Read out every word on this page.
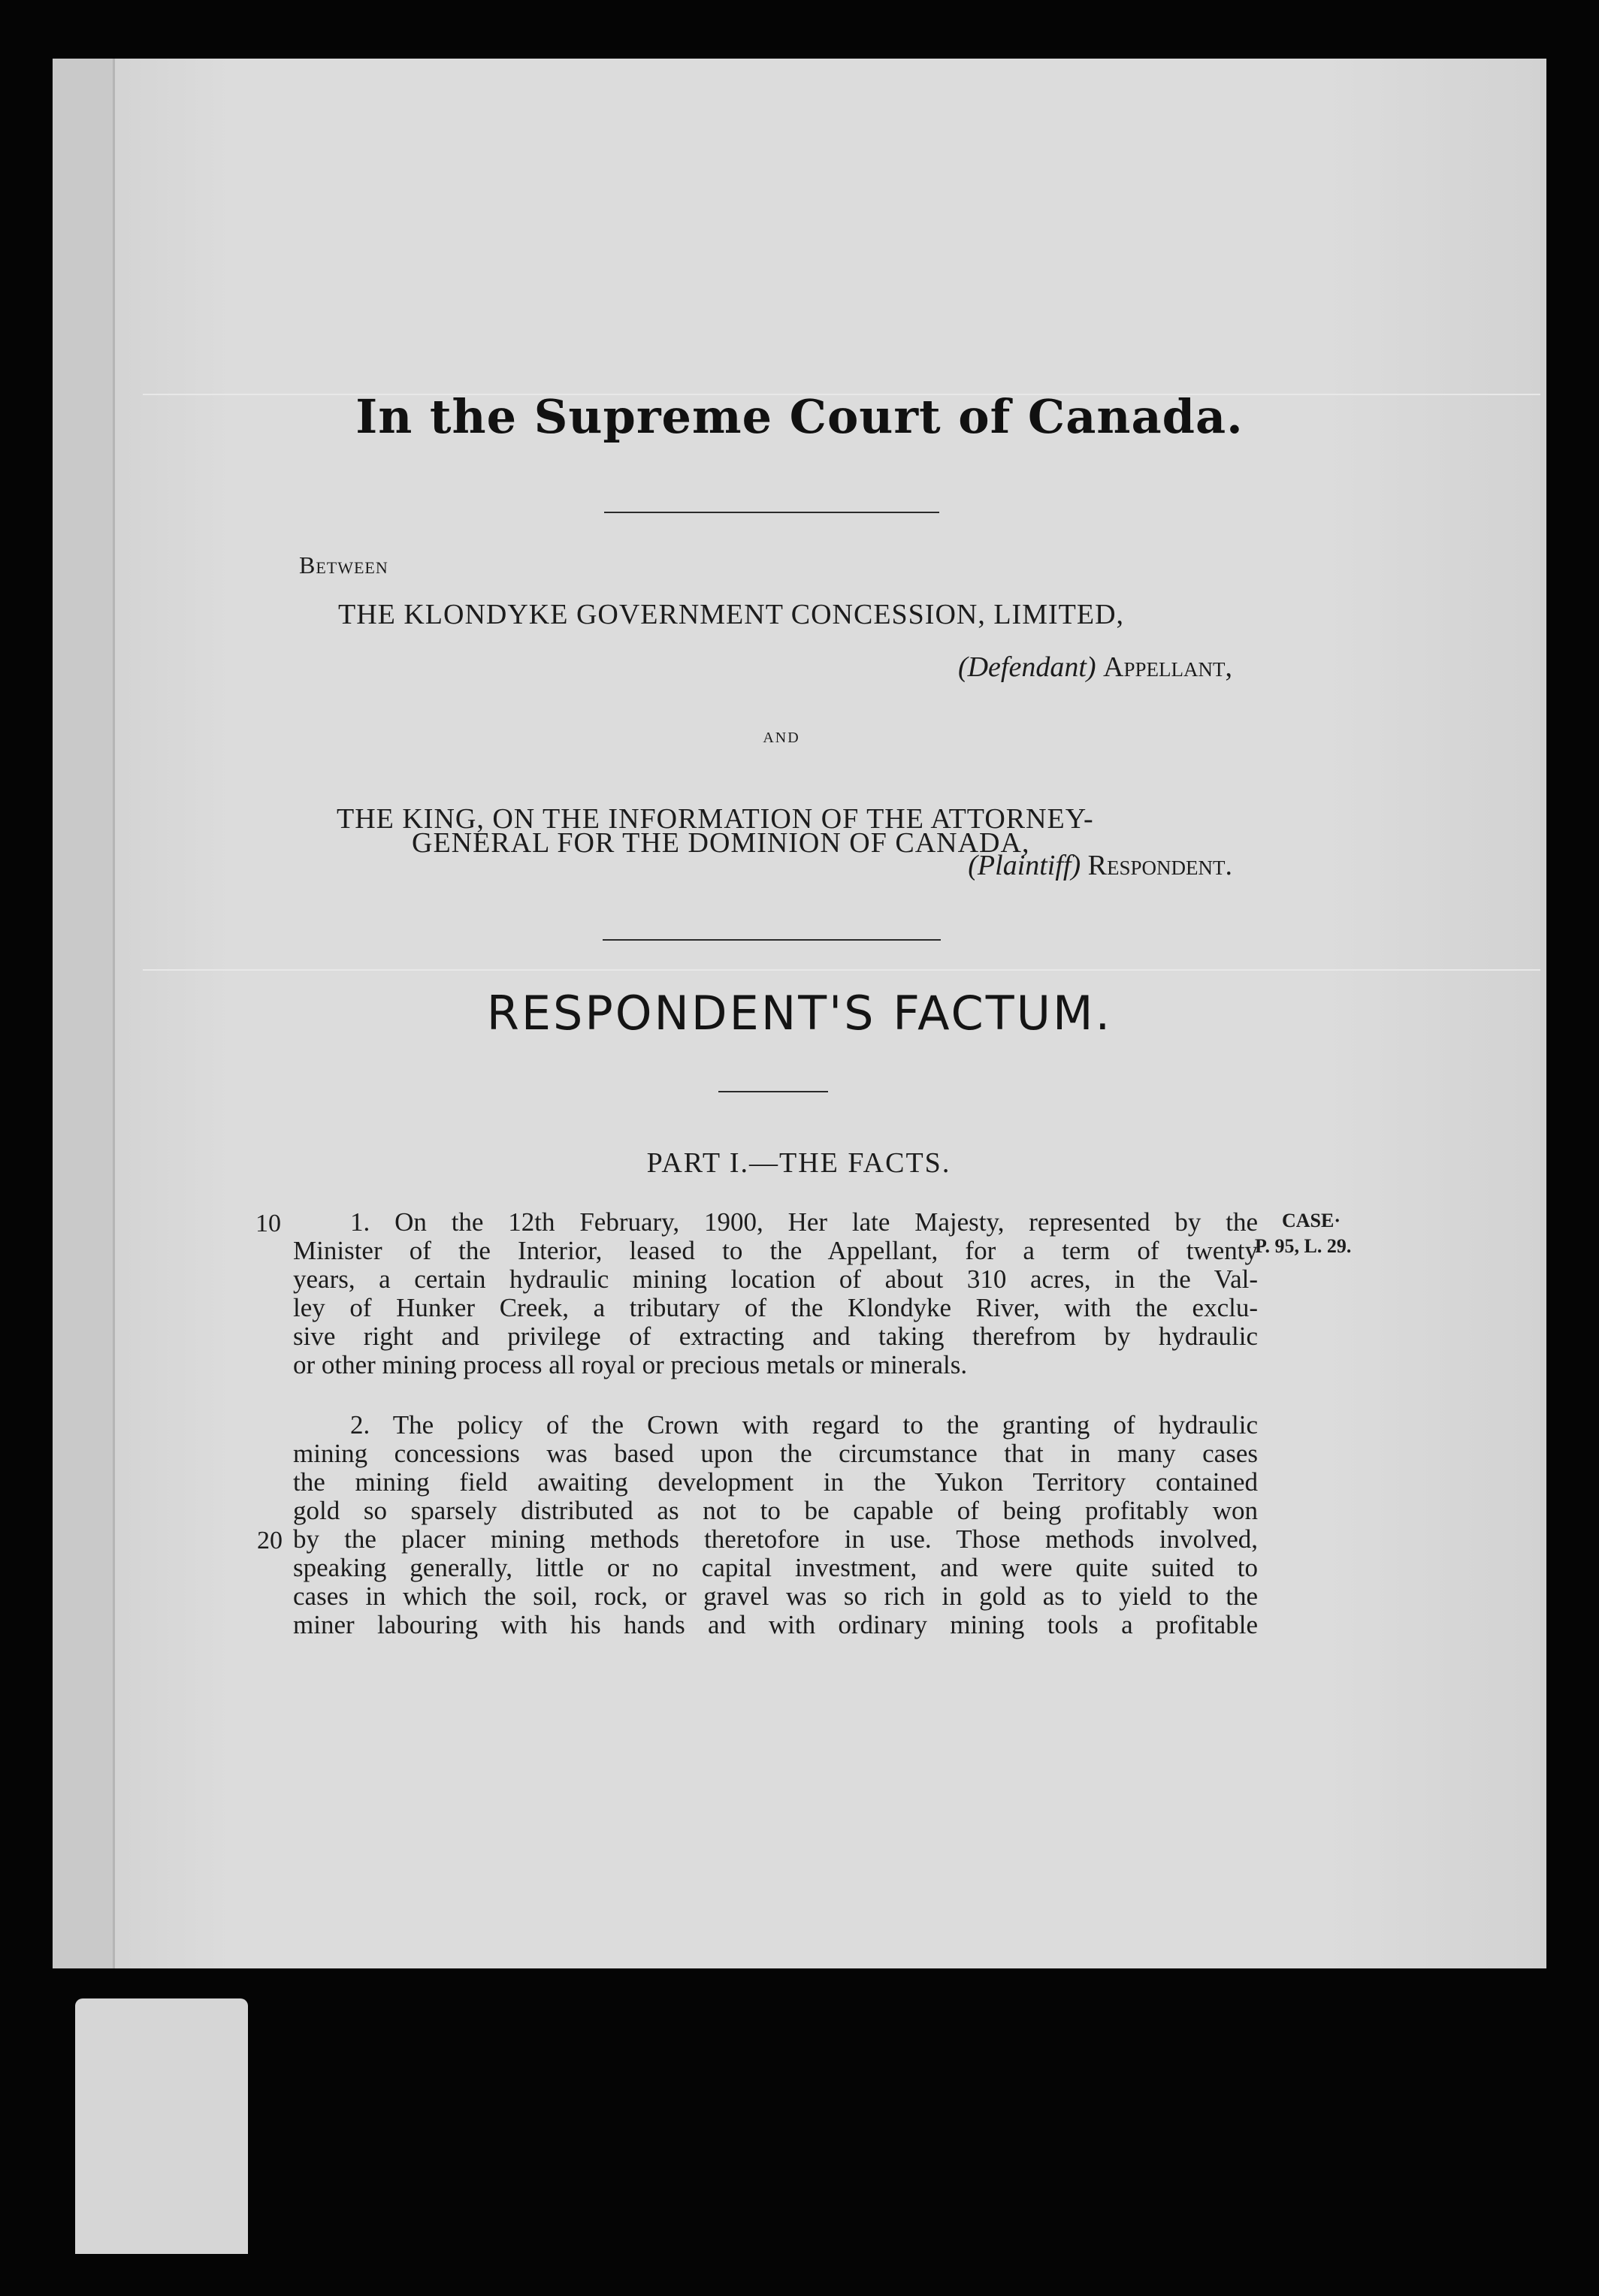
In the Supreme Court of Canada.
Between
THE KLONDYKE GOVERNMENT CONCESSION, LIMITED,
(Defendant) Appellant,
and
THE KING, ON THE INFORMATION OF THE ATTORNEY-
GENERAL FOR THE DOMINION OF CANADA,
(Plaintiff) Respondent.
RESPONDENT'S FACTUM.
PART I.—THE FACTS.
10	CASE·
P. 95, L. 29.
1. On the 12th February, 1900, Her late Majesty, represented by the
Minister of the Interior, leased to the Appellant, for a term of twenty
years, a certain hydraulic mining location of about 310 acres, in the Val-
ley of Hunker Creek, a tributary of the Klondyke River, with the exclu-
sive right and privilege of extracting and taking therefrom by hydraulic
or other mining process all royal or precious metals or minerals.
2. The policy of the Crown with regard to the granting of hydraulic
mining concessions was based upon the circumstance that in many cases
the mining field awaiting development in the Yukon Territory contained
gold so sparsely distributed as not to be capable of being profitably won
20 by the placer mining methods theretofore in use. Those methods involved,
speaking generally, little or no capital investment, and were quite suited to
cases in which the soil, rock, or gravel was so rich in gold as to yield to the
miner labouring with his hands and with ordinary mining tools a profitable
